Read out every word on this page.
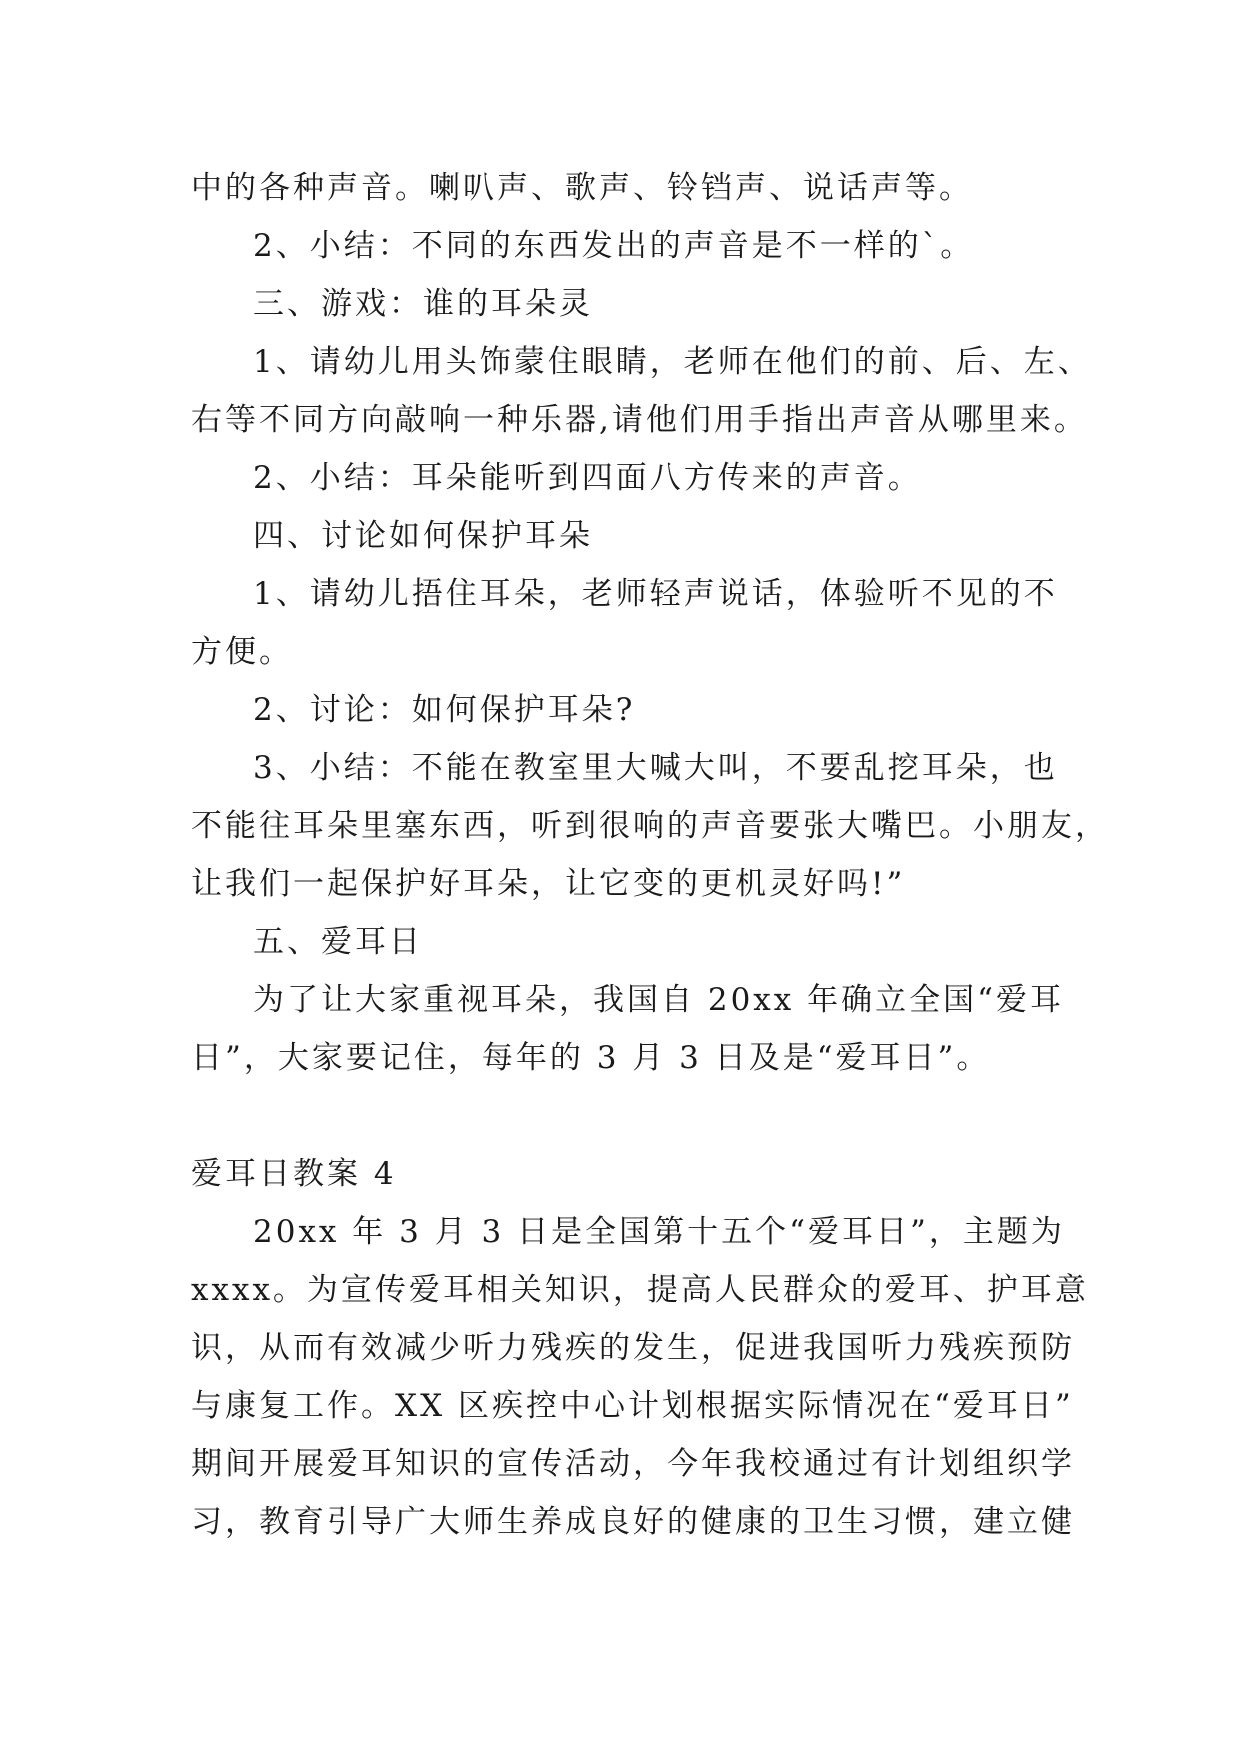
中的各种声音。喇叭声、歌声、铃铛声、说话声等。
2、小结：不同的东西发出的声音是不一样的`。
三、游戏：谁的耳朵灵
1、请幼儿用头饰蒙住眼睛，老师在他们的前、后、左、
右等不同方向敲响一种乐器,请他们用手指出声音从哪里来。
2、小结：耳朵能听到四面八方传来的声音。
四、讨论如何保护耳朵
1、请幼儿捂住耳朵，老师轻声说话，体验听不见的不
方便。
2、讨论：如何保护耳朵?
3、小结：不能在教室里大喊大叫，不要乱挖耳朵，也
不能往耳朵里塞东西，听到很响的声音要张大嘴巴。小朋友，
让我们一起保护好耳朵，让它变的更机灵好吗!”
五、爱耳日
为了让大家重视耳朵，我国自 20xx 年确立全国“爱耳
日”，大家要记住，每年的 3 月 3 日及是“爱耳日”。
爱耳日教案 4
20xx 年 3 月 3 日是全国第十五个“爱耳日”，主题为
xxxx。为宣传爱耳相关知识，提高人民群众的爱耳、护耳意
识，从而有效减少听力残疾的发生，促进我国听力残疾预防
与康复工作。XX 区疾控中心计划根据实际情况在“爱耳日”
期间开展爱耳知识的宣传活动，今年我校通过有计划组织学
习，教育引导广大师生养成良好的健康的卫生习惯，建立健
